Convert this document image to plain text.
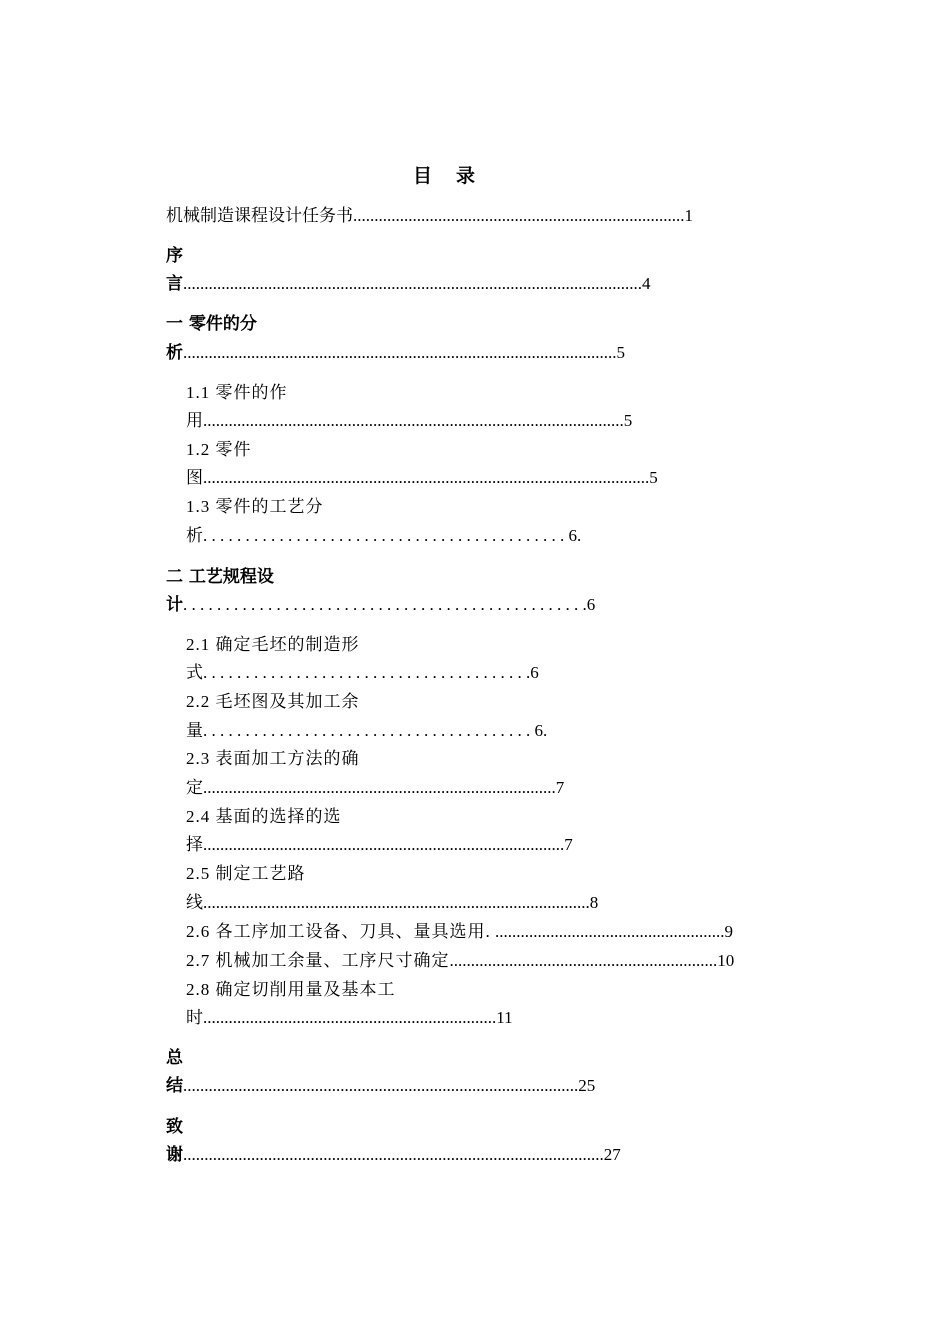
目 录
机械制造课程设计任务书..............................................................................1
序
言............................................................................................................4
一 零件的分
析......................................................................................................5
1.1 零件的作
用...................................................................................................5
1.2 零件
图.........................................................................................................5
1.3 零件的工艺分
析. . . . . . . . . . . . . . . . . . . . . . . . . . . . . . . . . . . . . . . . . . . 6.
二 工艺规程设
计. . . . . . . . . . . . . . . . . . . . . . . . . . . . . . . . . . . . . . . . . . . . . . . .6
2.1 确定毛坯的制造形
式. . . . . . . . . . . . . . . . . . . . . . . . . . . . . . . . . . . . . . .6
2.2 毛坯图及其加工余
量. . . . . . . . . . . . . . . . . . . . . . . . . . . . . . . . . . . . . . . 6.
2.3 表面加工方法的确
定...................................................................................7
2.4 基面的选择的选
择.....................................................................................7
2.5 制定工艺路
线...........................................................................................8
2.6 各工序加工设备、刀具、量具选用. ......................................................9
2.7 机械加工余量、工序尺寸确定...............................................................10
2.8 确定切削用量及基本工
时.....................................................................11
总
结.............................................................................................25
致
谢...................................................................................................27
